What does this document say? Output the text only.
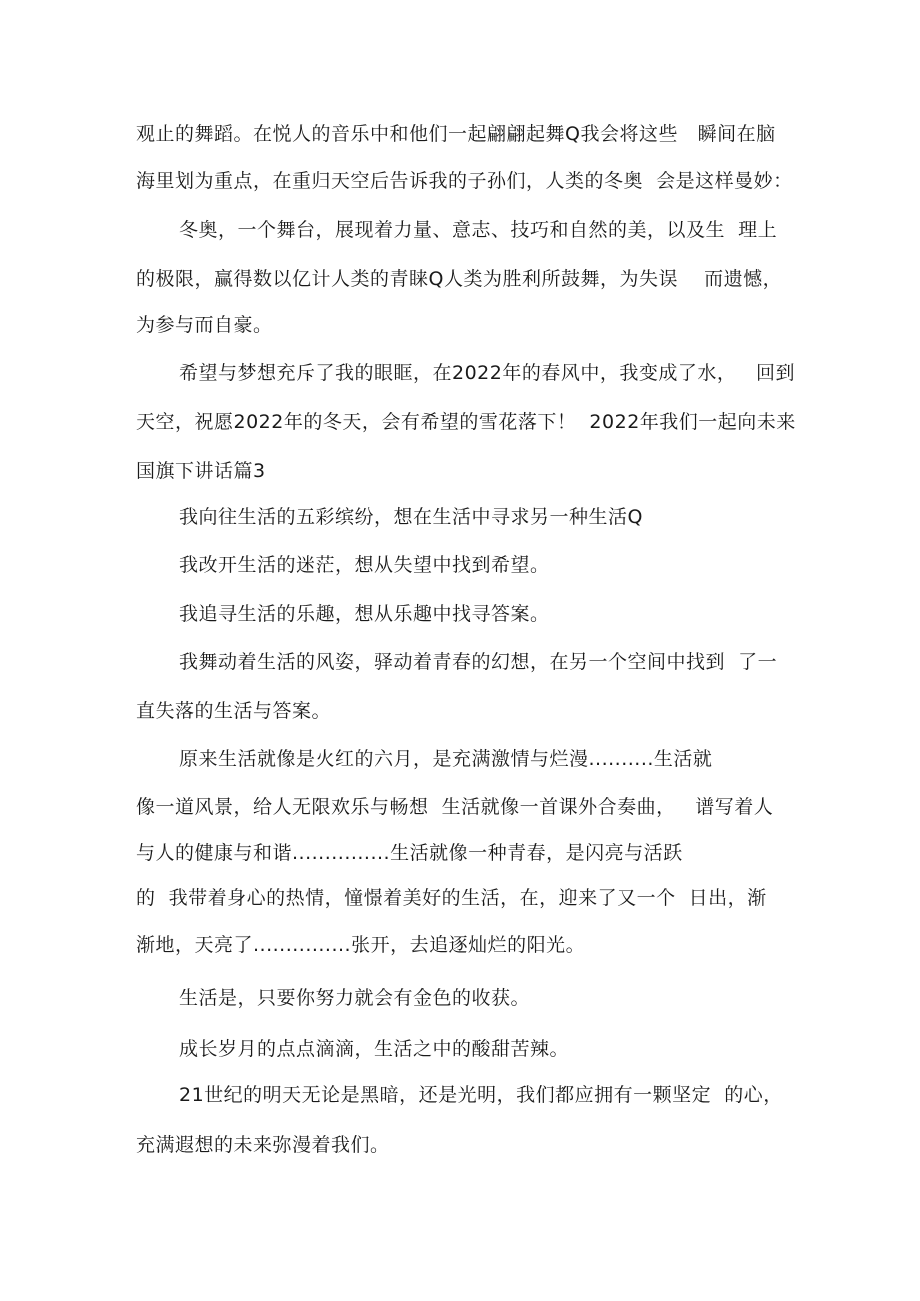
观止的舞蹈。在悦人的音乐中和他们一起翩翩起舞Q我会将这些   瞬间在脑
海里划为重点，在重归天空后告诉我的子孙们，人类的冬奥  会是这样曼妙：
冬奥，一个舞台，展现着力量、意志、技巧和自然的美，以及生  理上
的极限，赢得数以亿计人类的青睐Q人类为胜利所鼓舞，为失误    而遗憾，
为参与而自豪。
希望与梦想充斥了我的眼眶，在2022年的春风中，我变成了水，   回到
天空，祝愿2022年的冬天，会有希望的雪花落下！  2022年我们一起向未来
国旗下讲话篇3
我向往生活的五彩缤纷，想在生活中寻求另一种生活Q
我改开生活的迷茫，想从失望中找到希望。
我追寻生活的乐趣，想从乐趣中找寻答案。
我舞动着生活的风姿，驿动着青春的幻想，在另一个空间中找到  了一
直失落的生活与答案。
原来生活就像是火红的六月，是充满激情与烂漫..........生活就
像一道风景，给人无限欢乐与畅想  生活就像一首课外合奏曲，   谱写着人
与人的健康与和谐...............生活就像一种青春，是闪亮与活跃
的  我带着身心的热情，憧憬着美好的生活，在，迎来了又一个  日出，渐
渐地，天亮了...............张开，去追逐灿烂的阳光。
生活是，只要你努力就会有金色的收获。
成长岁月的点点滴滴，生活之中的酸甜苦辣。
21世纪的明天无论是黑暗，还是光明，我们都应拥有一颗坚定  的心，
充满遐想的未来弥漫着我们。
